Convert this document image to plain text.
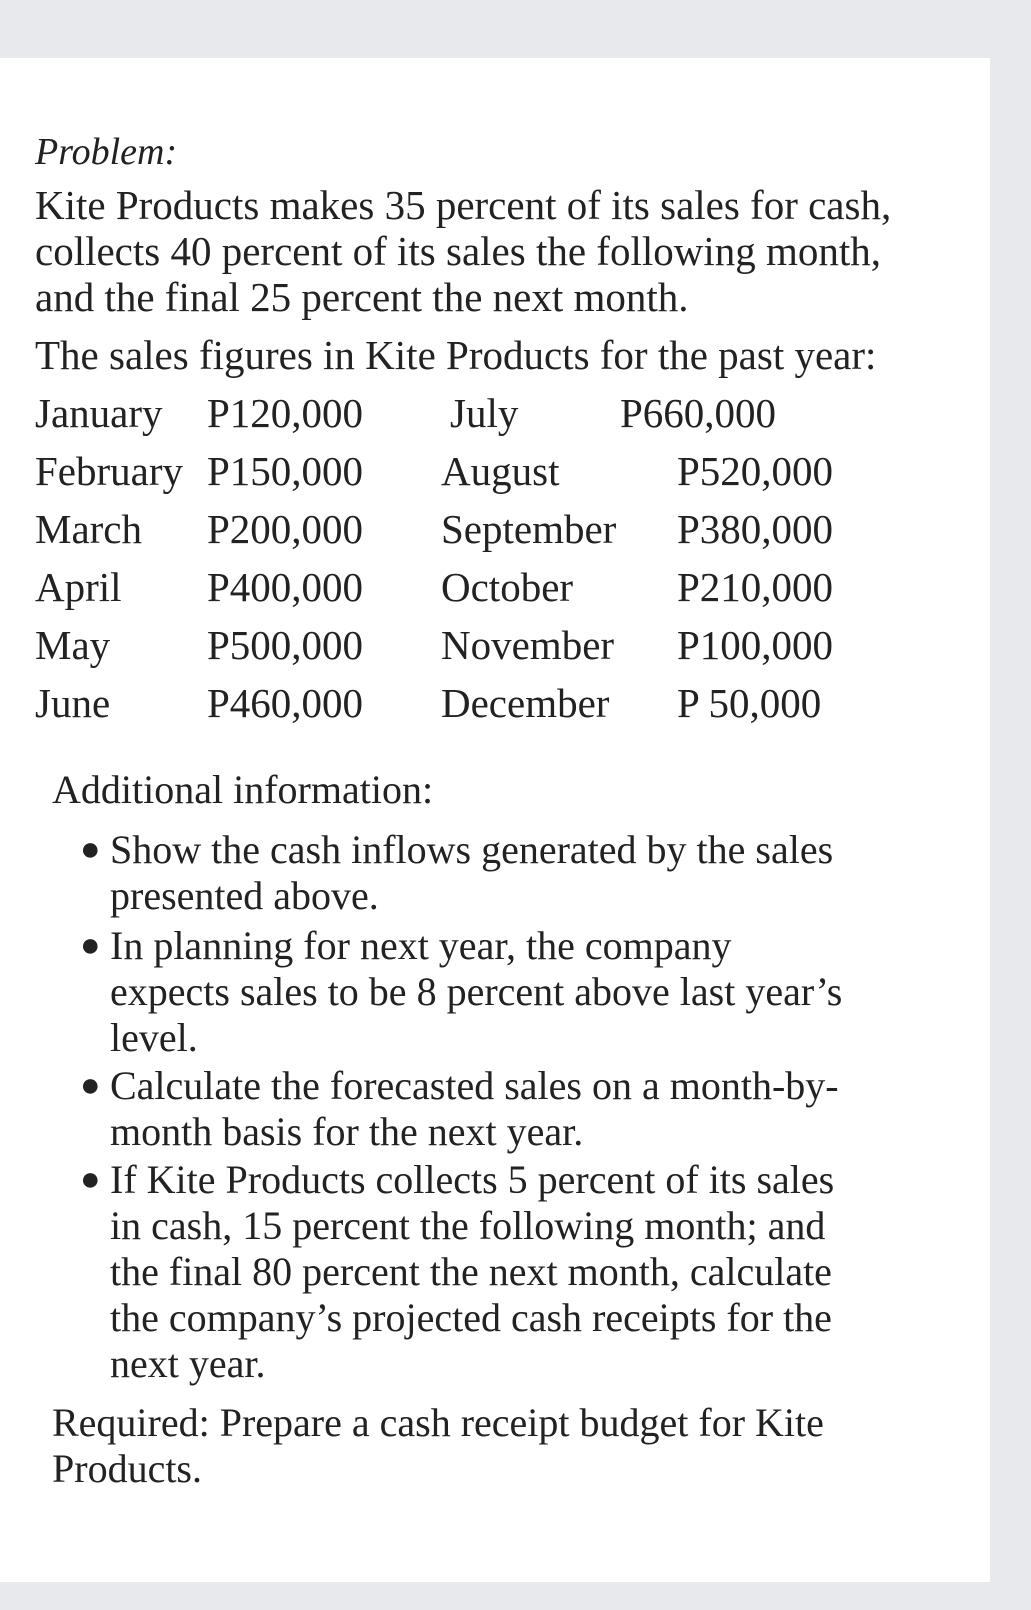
Problem:
Kite Products makes 35 percent of its sales for cash,
collects 40 percent of its sales the following month,
and the final 25 percent the next month.
The sales figures in Kite Products for the past year:
January P120,000
February P150,000
March P200,000
April P400,000
May P500,000
June P460,000
July P660,000
August	P520,000
September P380,000
October	P210,000
November P100,000
December P 50,000
Additional information:
● Show the cash inflows generated by the sales
presented above.
● In planning for next year, the company
expects sales to be 8 percent above last year’s
level.
● Calculate the forecasted sales on a month-by-
month basis for the next year.
● If Kite Products collects 5 percent of its sales
in cash, 15 percent the following month; and
the final 80 percent the next month, calculate
the company’s projected cash receipts for the
next year.
Required: Prepare a cash receipt budget for Kite
Products.
